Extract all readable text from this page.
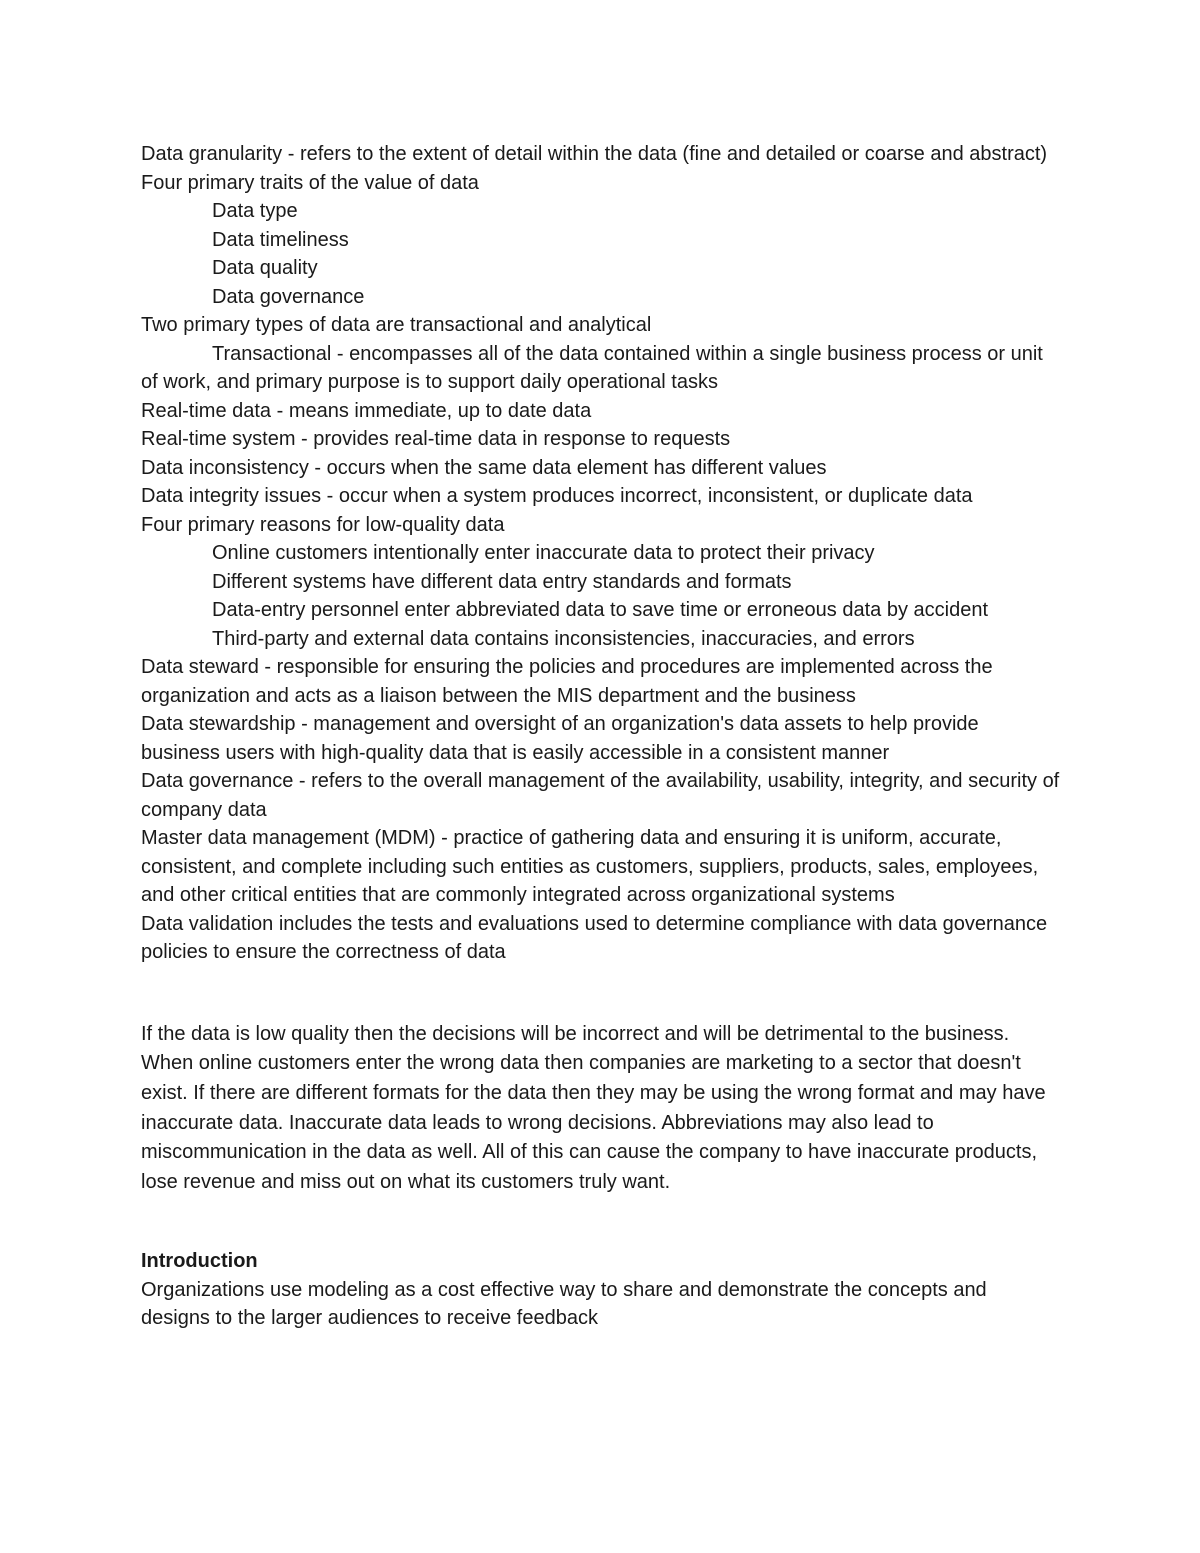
Data granularity - refers to the extent of detail within the data (fine and detailed or coarse and abstract)
Four primary traits of the value of data
Data type
Data timeliness
Data quality
Data governance
Two primary types of data are transactional and analytical
Transactional - encompasses all of the data contained within a single business process or unit of work, and primary purpose is to support daily operational tasks
Real-time data - means immediate, up to date data
Real-time system - provides real-time data in response to requests
Data inconsistency - occurs when the same data element has different values
Data integrity issues - occur when a system produces incorrect, inconsistent, or duplicate data
Four primary reasons for low-quality data
Online customers intentionally enter inaccurate data to protect their privacy
Different systems have different data entry standards and formats
Data-entry personnel enter abbreviated data to save time or erroneous data by accident
Third-party and external data contains inconsistencies, inaccuracies, and errors
Data steward - responsible for ensuring the policies and procedures are implemented across the organization and acts as a liaison between the MIS department and the business
Data stewardship - management and oversight of an organization's data assets to help provide business users with high-quality data that is easily accessible in a consistent manner
Data governance - refers to the overall management of the availability, usability, integrity, and security of company data
Master data management (MDM) - practice of gathering data and ensuring it is uniform, accurate, consistent, and complete including such entities as customers, suppliers, products, sales, employees, and other critical entities that are commonly integrated across organizational systems
Data validation includes the tests and evaluations used to determine compliance with data governance policies to ensure the correctness of data
If the data is low quality then the decisions will be incorrect and will be detrimental to the business. When online customers enter the wrong data then companies are marketing to a sector that doesn't exist. If there are different formats for the data then they may be using the wrong format and may have inaccurate data. Inaccurate data leads to wrong decisions. Abbreviations may also lead to miscommunication in the data as well. All of this can cause the company to have inaccurate products, lose revenue and miss out on what its customers truly want.
Introduction
Organizations use modeling as a cost effective way to share and demonstrate the concepts and designs to the larger audiences to receive feedback
